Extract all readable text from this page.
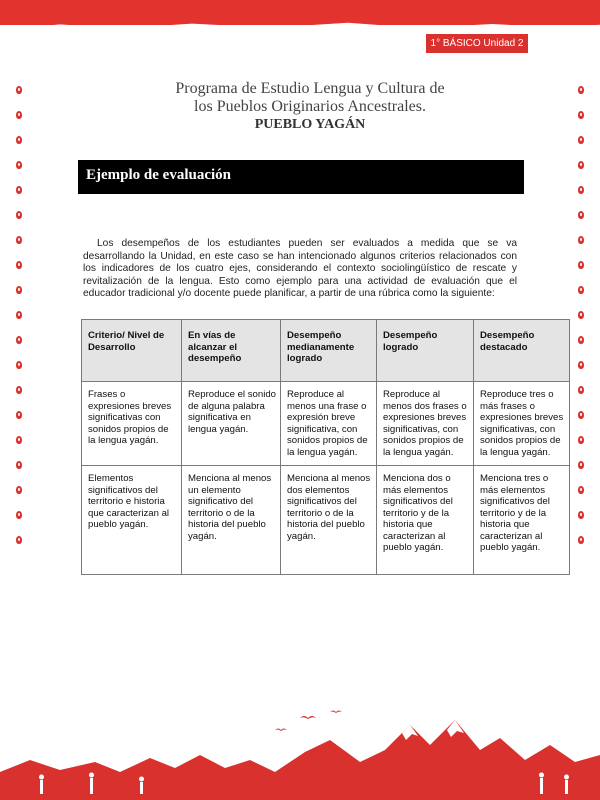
1° BÁSICO Unidad 2
Programa de Estudio Lengua y Cultura de
los Pueblos Originarios Ancestrales.
PUEBLO YAGÁN
Ejemplo de evaluación

Los desempeños de los estudiantes pueden ser evaluados a medida que se va desarrollando la Unidad, en este caso se han intencionado algunos criterios relacionados con los indicadores de los cuatro ejes, considerando el contexto sociolingüístico de rescate y revitalización de la lengua. Esto como ejemplo para una actividad de evaluación que el educador tradicional y/o docente puede planificar, a partir de una rúbrica como la siguiente:

Criterio/ Nivel de Desarrollo	En vías de alcanzar el desempeño	Desempeño medianamente logrado	Desempeño logrado	Desempeño destacado
Frases o expresiones breves significativas con sonidos propios de la lengua yagán.	Reproduce el sonido de alguna palabra significativa en lengua yagán.	Reproduce al menos una frase o expresión breve significativa, con sonidos propios de la lengua yagán.	Reproduce al menos dos frases o expresiones breves significativas, con sonidos propios de la lengua yagán.	Reproduce tres o más frases o expresiones breves significativas, con sonidos propios de la lengua yagán.
Elementos significativos del territorio e historia que caracterizan al pueblo yagán.	Menciona al menos un elemento significativo del territorio o de la historia del pueblo yagán.	Menciona al menos dos elementos significativos del territorio o de la historia del pueblo yagán.	Menciona dos o más elementos significativos del territorio y de la historia que caracterizan al pueblo yagán.	Menciona tres o más elementos significativos del territorio y de la historia que caracterizan al pueblo yagán.
